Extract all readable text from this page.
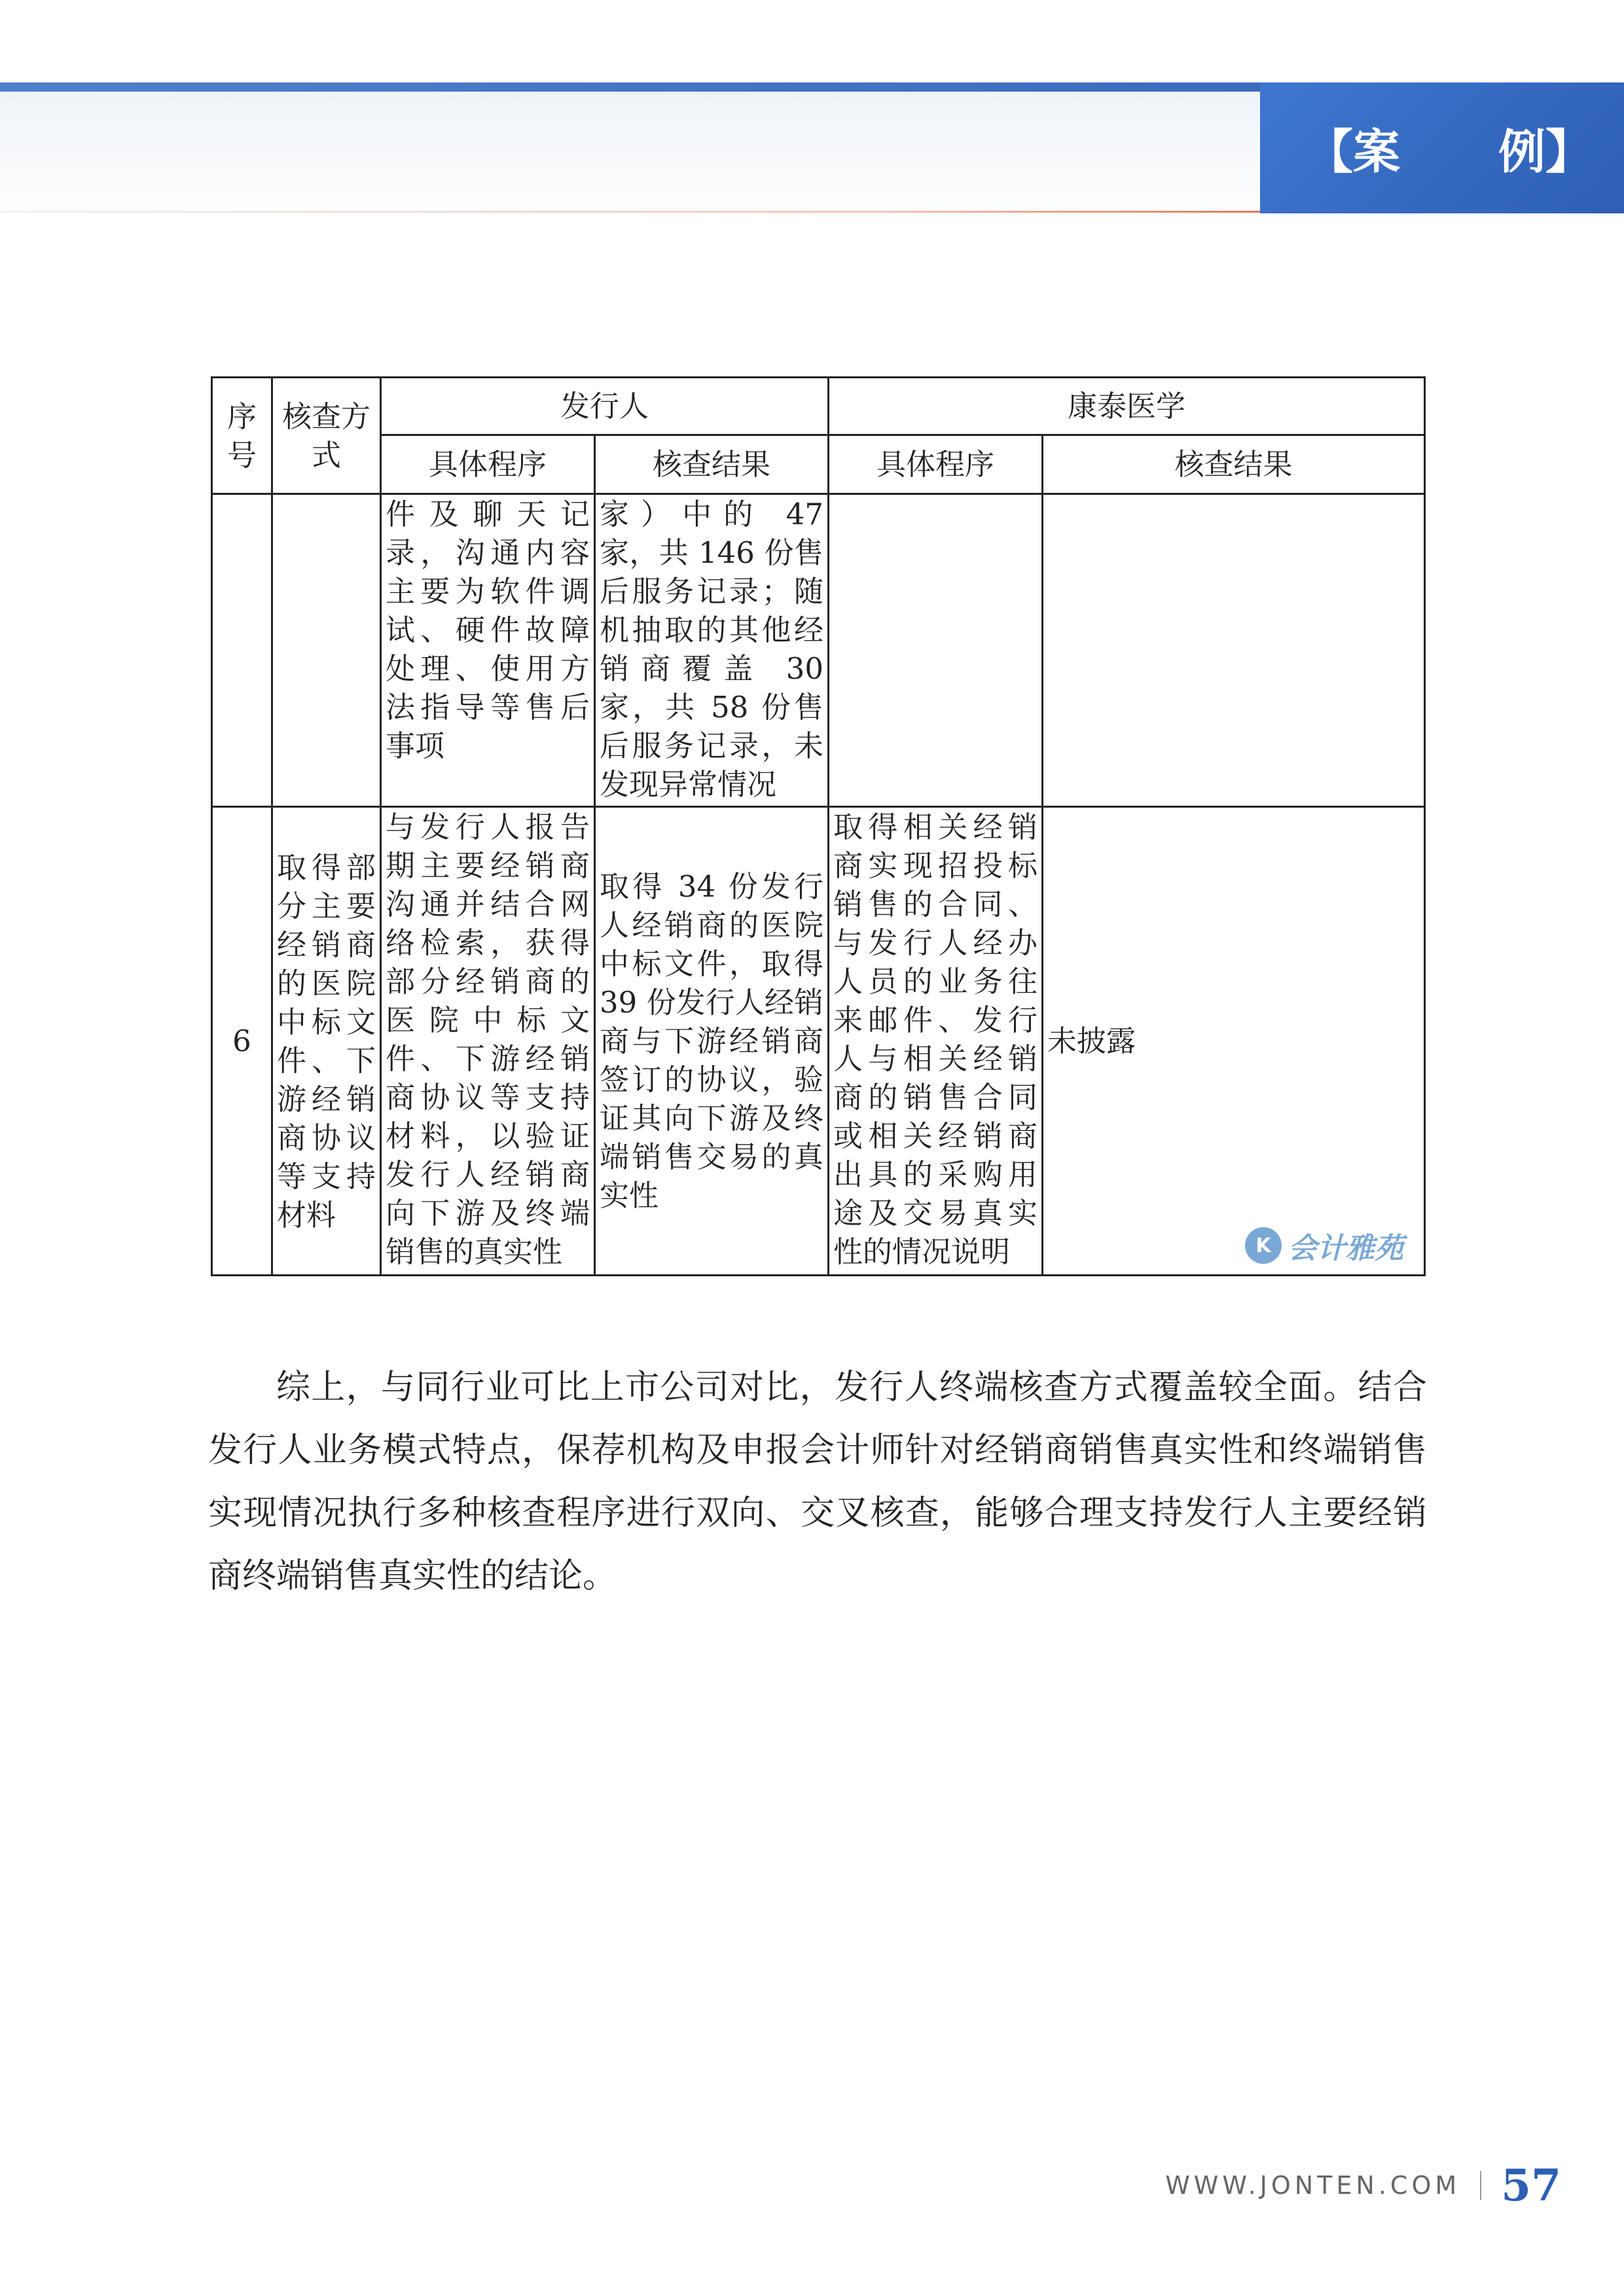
【案 例】
序号	核查方式	发行人		康泰医学	
		具体程序	核查结果	具体程序	核查结果
		件及聊天记录，沟通内容主要为软件调试、硬件故障处理、使用方法指导等售后事项	家）中的 47 家，共 146 份售后服务记录；随机抽取的其他经销商覆盖 30 家，共 58 份售后服务记录，未发现异常情况		
6	取得部分主要经销商的医院中标文件、下游经销商协议等支持材料	与发行人报告期主要经销商沟通并结合网络检索，获得部分经销商的医院中标文件、下游经销商协议等支持材料，以验证发行人经销商向下游及终端销售的真实性	取得 34 份发行人经销商的医院中标文件，取得 39 份发行人经销商与下游经销商签订的协议，验证其向下游及终端销售交易的真实性	取得相关经销商实现招投标销售的合同、与发行人经办人员的业务往来邮件、发行人与相关经销商的销售合同或相关经销商出具的采购用途及交易真实性的情况说明	未披露
K 会计雅苑

综上，与同行业可比上市公司对比，发行人终端核查方式覆盖较全面。结合发行人业务模式特点，保荐机构及申报会计师针对经销商销售真实性和终端销售实现情况执行多种核查程序进行双向、交叉核查，能够合理支持发行人主要经销商终端销售真实性的结论。

WWW.JONTEN.COM 57
